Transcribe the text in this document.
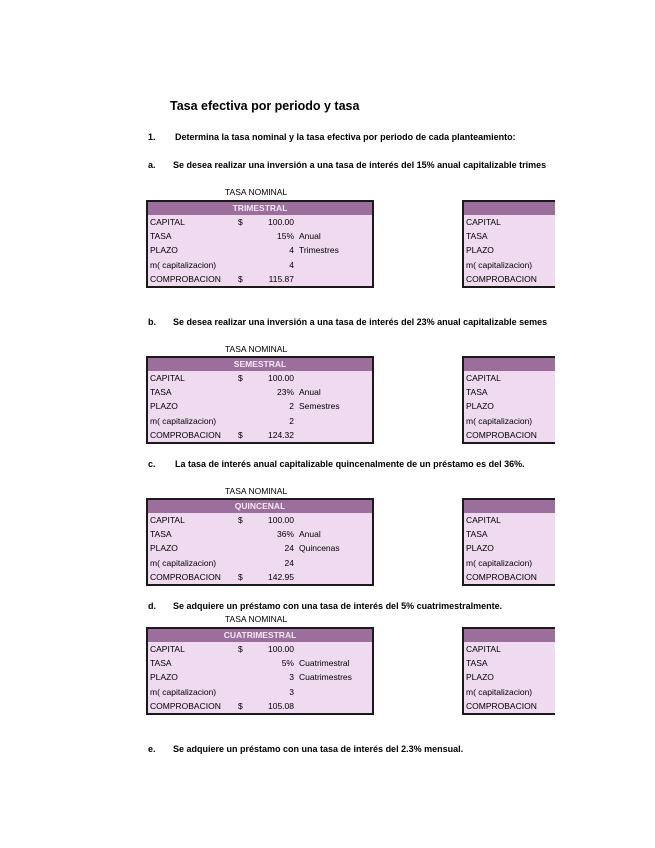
Tasa efectiva por periodo y tasa
1. Determina la tasa nominal y la tasa efectiva por periodo de cada planteamiento:
a. Se desea realizar una inversión a una tasa de interés del 15% anual capitalizable trimes
TASA NOMINAL
TRIMESTRAL
CAPITAL	$	100.00
TASA	15% Anual
PLAZO	4 Trimestres
m( capitalizacion)	4
COMPROBACION $	115.87
CAPITAL
TASA
PLAZO
m( capitalizacion)
COMPROBACION
b. Se desea realizar una inversión a una tasa de interés del 23% anual capitalizable semes
TASA NOMINAL
SEMESTRAL
CAPITAL	$	100.00
TASA	23% Anual
PLAZO	2 Semestres
m( capitalizacion)	2
COMPROBACION $	124.32
CAPITAL
TASA
PLAZO
m( capitalizacion)
COMPROBACION
c. La tasa de interés anual capitalizable quincenalmente de un préstamo es del 36%.
TASA NOMINAL
QUINCENAL
CAPITAL	$	100.00
TASA	36% Anual
PLAZO	24 Quincenas
m( capitalizacion)	24
COMPROBACION $	142.95
CAPITAL
TASA
PLAZO
m( capitalizacion)
COMPROBACION
d. Se adquiere un préstamo con una tasa de interés del 5% cuatrimestralmente.
TASA NOMINAL
CUATRIMESTRAL
CAPITAL	$	100.00
TASA	5% Cuatrimestral
PLAZO	3 Cuatrimestres
m( capitalizacion)	3
COMPROBACION $	105.08
CAPITAL
TASA
PLAZO
m( capitalizacion)
COMPROBACION
e. Se adquiere un préstamo con una tasa de interés del 2.3% mensual.
